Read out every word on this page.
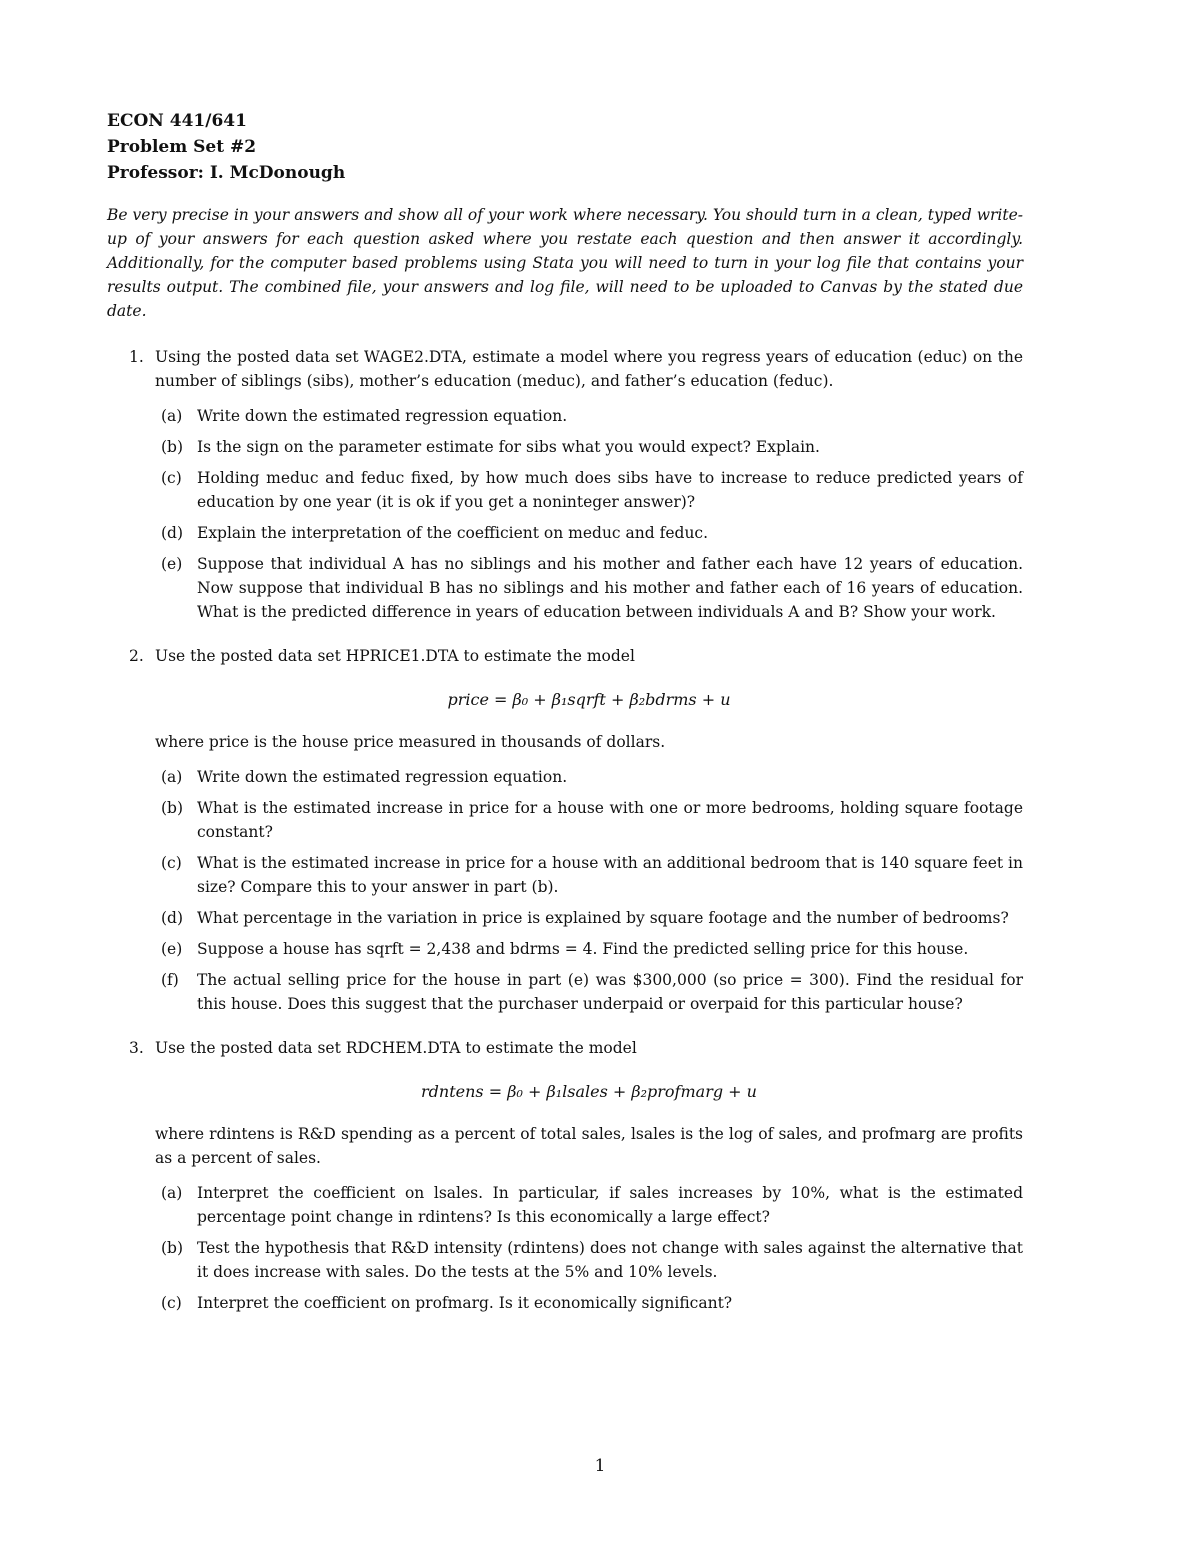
ECON 441/641
Problem Set #2
Professor: I. McDonough
Be very precise in your answers and show all of your work where necessary. You should turn in a clean, typed write-up of your answers for each question asked where you restate each question and then answer it accordingly. Additionally, for the computer based problems using Stata you will need to turn in your log file that contains your results output. The combined file, your answers and log file, will need to be uploaded to Canvas by the stated due date.
1. Using the posted data set WAGE2.DTA, estimate a model where you regress years of education (educ) on the number of siblings (sibs), mother’s education (meduc), and father’s education (feduc).
(a) Write down the estimated regression equation.
(b) Is the sign on the parameter estimate for sibs what you would expect? Explain.
(c) Holding meduc and feduc fixed, by how much does sibs have to increase to reduce predicted years of education by one year (it is ok if you get a noninteger answer)?
(d) Explain the interpretation of the coefficient on meduc and feduc.
(e) Suppose that individual A has no siblings and his mother and father each have 12 years of education. Now suppose that individual B has no siblings and his mother and father each of 16 years of education. What is the predicted difference in years of education between individuals A and B? Show your work.
2. Use the posted data set HPRICE1.DTA to estimate the model
price = β₀ + β₁sqrft + β₂bdrms + u
where price is the house price measured in thousands of dollars.
(a) Write down the estimated regression equation.
(b) What is the estimated increase in price for a house with one or more bedrooms, holding square footage constant?
(c) What is the estimated increase in price for a house with an additional bedroom that is 140 square feet in size? Compare this to your answer in part (b).
(d) What percentage in the variation in price is explained by square footage and the number of bedrooms?
(e) Suppose a house has sqrft = 2,438 and bdrms = 4. Find the predicted selling price for this house.
(f) The actual selling price for the house in part (e) was $300,000 (so price = 300). Find the residual for this house. Does this suggest that the purchaser underpaid or overpaid for this particular house?
3. Use the posted data set RDCHEM.DTA to estimate the model
rdntens = β₀ + β₁lsales + β₂profmarg + u
where rdintens is R&D spending as a percent of total sales, lsales is the log of sales, and profmarg are profits as a percent of sales.
(a) Interpret the coefficient on lsales. In particular, if sales increases by 10%, what is the estimated percentage point change in rdintens? Is this economically a large effect?
(b) Test the hypothesis that R&D intensity (rdintens) does not change with sales against the alternative that it does increase with sales. Do the tests at the 5% and 10% levels.
(c) Interpret the coefficient on profmarg. Is it economically significant?
1
